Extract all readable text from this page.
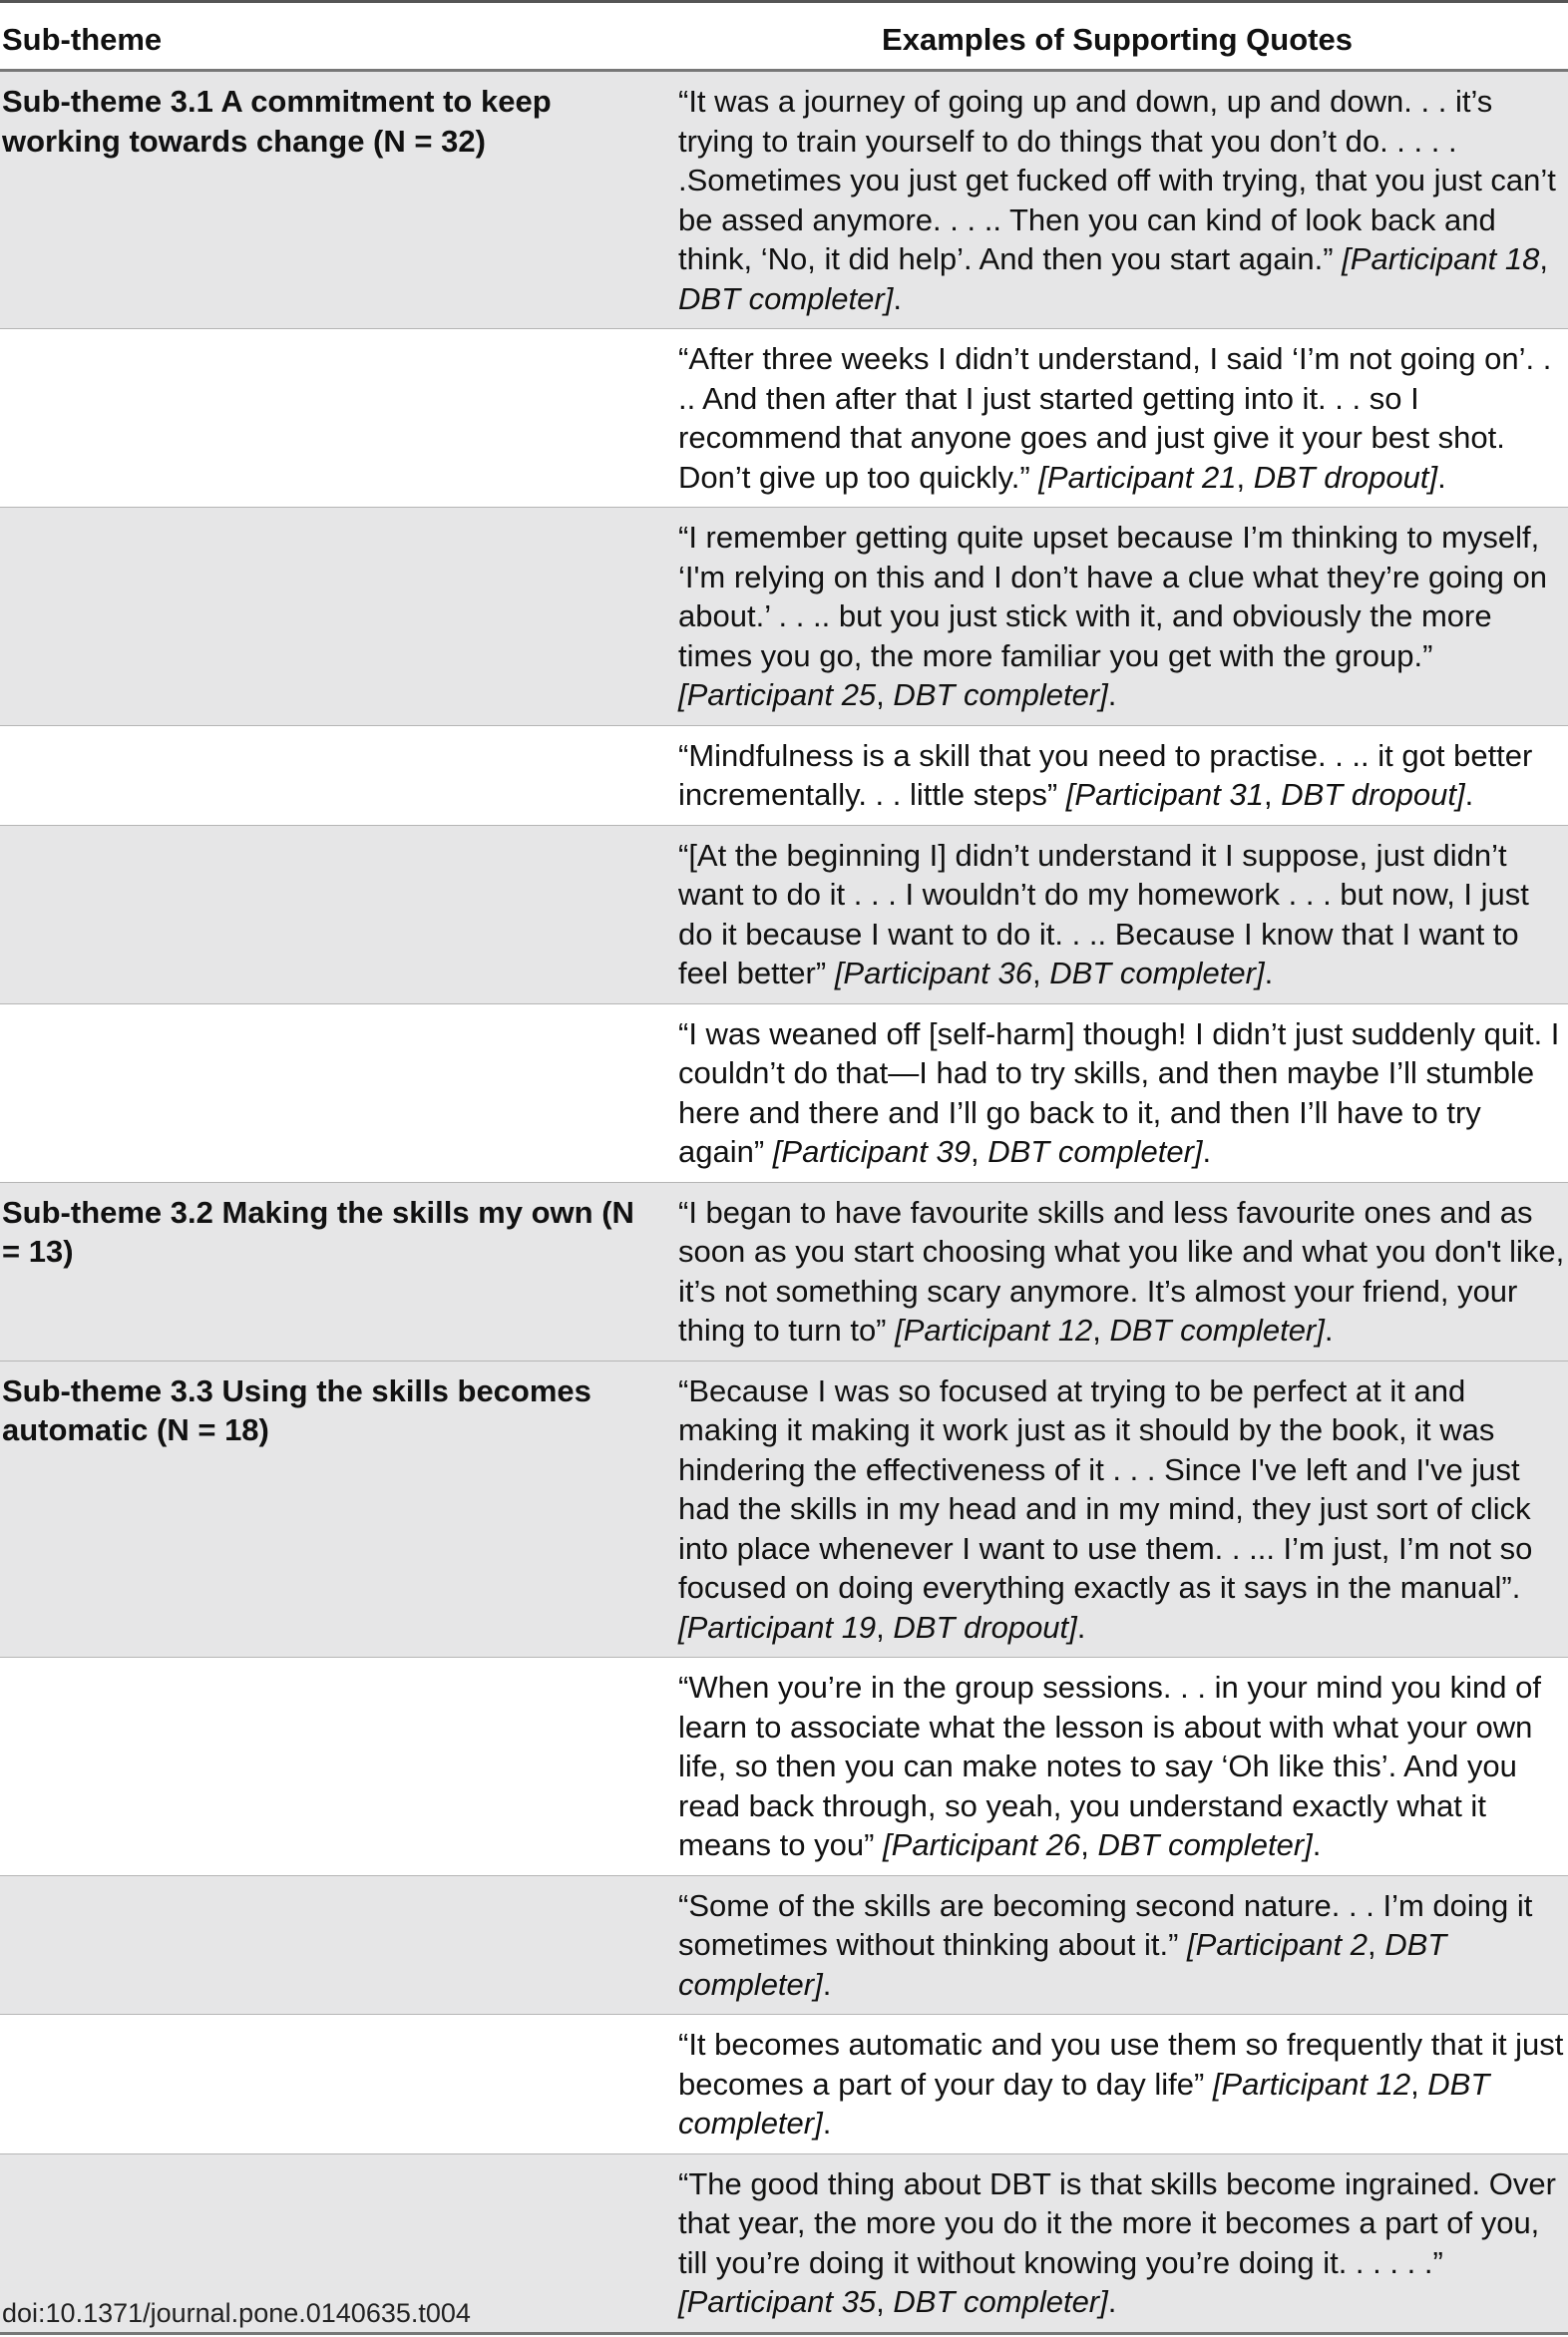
Sub-theme	Examples of Supporting Quotes
Sub-theme 3.1 A commitment to keep working towards change (N = 32)	“It was a journey of going up and down, up and down. . . it’s trying to train yourself to do things that you don’t do. . . . . .Sometimes you just get fucked off with trying, that you just can’t be assed anymore. . . .. Then you can kind of look back and think, ‘No, it did help’. And then you start again.” [Participant 18, DBT completer].
	“After three weeks I didn’t understand, I said ‘I’m not going on’. . .. And then after that I just started getting into it. . . so I recommend that anyone goes and just give it your best shot. Don’t give up too quickly.” [Participant 21, DBT dropout].
	“I remember getting quite upset because I’m thinking to myself, ‘I'm relying on this and I don’t have a clue what they’re going on about.’ . . .. but you just stick with it, and obviously the more times you go, the more familiar you get with the group.” [Participant 25, DBT completer].
	“Mindfulness is a skill that you need to practise. . .. it got better incrementally. . . little steps” [Participant 31, DBT dropout].
	“[At the beginning I] didn’t understand it I suppose, just didn’t want to do it . . . I wouldn’t do my homework . . . but now, I just do it because I want to do it. . .. Because I know that I want to feel better” [Participant 36, DBT completer].
	“I was weaned off [self-harm] though! I didn’t just suddenly quit. I couldn’t do that—I had to try skills, and then maybe I’ll stumble here and there and I’ll go back to it, and then I’ll have to try again” [Participant 39, DBT completer].
Sub-theme 3.2 Making the skills my own (N = 13)	“I began to have favourite skills and less favourite ones and as soon as you start choosing what you like and what you don't like, it’s not something scary anymore. It’s almost your friend, your thing to turn to” [Participant 12, DBT completer].
Sub-theme 3.3 Using the skills becomes automatic (N = 18)	“Because I was so focused at trying to be perfect at it and making it making it work just as it should by the book, it was hindering the effectiveness of it . . . Since I've left and I've just had the skills in my head and in my mind, they just sort of click into place whenever I want to use them. . ... I’m just, I’m not so focused on doing everything exactly as it says in the manual”. [Participant 19, DBT dropout].
	“When you’re in the group sessions. . . in your mind you kind of learn to associate what the lesson is about with what your own life, so then you can make notes to say ‘Oh like this’. And you read back through, so yeah, you understand exactly what it means to you” [Participant 26, DBT completer].
	“Some of the skills are becoming second nature. . . I’m doing it sometimes without thinking about it.” [Participant 2, DBT completer].
	“It becomes automatic and you use them so frequently that it just becomes a part of your day to day life” [Participant 12, DBT completer].
	“The good thing about DBT is that skills become ingrained. Over that year, the more you do it the more it becomes a part of you, till you’re doing it without knowing you’re doing it. . . . . .” [Participant 35, DBT completer].
doi:10.1371/journal.pone.0140635.t004
